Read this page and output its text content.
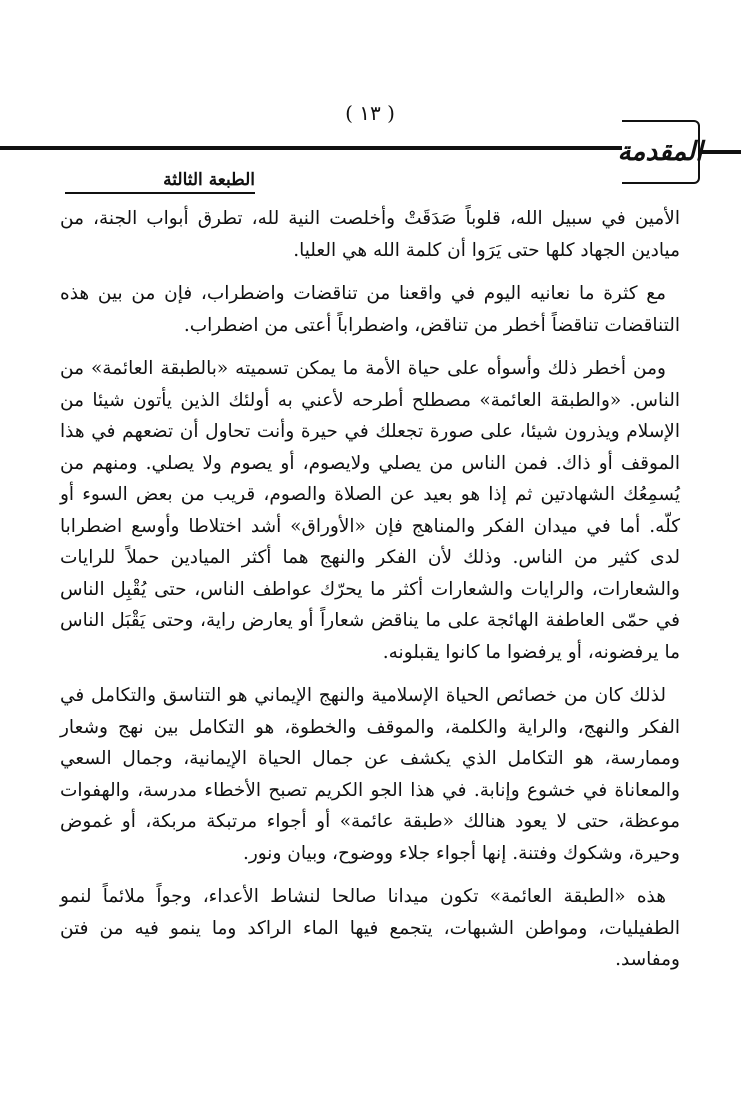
( ١٣ )
المقدمة
الطبعة الثالثة

الأمين في سبيل الله، قلوباً صَدَقَتْ وأخلصت النية لله، تطرق أبواب الجنة، من ميادين الجهاد كلها حتى يَرَوا أن كلمة الله هي العليا.

مع كثرة ما نعانيه اليوم في واقعنا من تناقضات واضطراب، فإن من بين هذه التناقضات تناقضاً أخطر من تناقض، واضطراباً أعتى من اضطراب.

ومن أخطر ذلك وأسوأه على حياة الأمة ما يمكن تسميته «بالطبقة العائمة» من الناس. «والطبقة العائمة» مصطلح أطرحه لأعني به أولئك الذين يأتون شيئا من الإسلام ويذرون شيئا، على صورة تجعلك في حيرة وأنت تحاول أن تضعهم في هذا الموقف أو ذاك. فمن الناس من يصلي ولايصوم، أو يصوم ولا يصلي. ومنهم من يُسمِعُك الشهادتين ثم إذا هو بعيد عن الصلاة والصوم، قريب من بعض السوء أو كلّه. أما في ميدان الفكر والمناهج فإن «الأوراق» أشد اختلاطا وأوسع اضطرابا لدى كثير من الناس. وذلك لأن الفكر والنهج هما أكثر الميادين حملاً للرايات والشعارات، والرايات والشعارات أكثر ما يحرّك عواطف الناس، حتى يُقْبِل الناس في حمّى العاطفة الهائجة على ما يناقض شعاراً أو يعارض راية، وحتى يَقْبَل الناس ما يرفضونه، أو يرفضوا ما كانوا يقبلونه.

لذلك كان من خصائص الحياة الإسلامية والنهج الإيماني هو التناسق والتكامل في الفكر والنهج، والراية والكلمة، والموقف والخطوة، هو التكامل بين نهج وشعار وممارسة، هو التكامل الذي يكشف عن جمال الحياة الإيمانية، وجمال السعي والمعاناة في خشوع وإنابة. في هذا الجو الكريم تصبح الأخطاء مدرسة، والهفوات موعظة، حتى لا يعود هنالك «طبقة عائمة» أو أجواء مرتبكة مربكة، أو غموض وحيرة، وشكوك وفتنة. إنها أجواء جلاء ووضوح، وبيان ونور.

هذه «الطبقة العائمة» تكون ميدانا صالحا لنشاط الأعداء، وجواً ملائماً لنمو الطفيليات، ومواطن الشبهات، يتجمع فيها الماء الراكد وما ينمو فيه من فتن ومفاسد.
